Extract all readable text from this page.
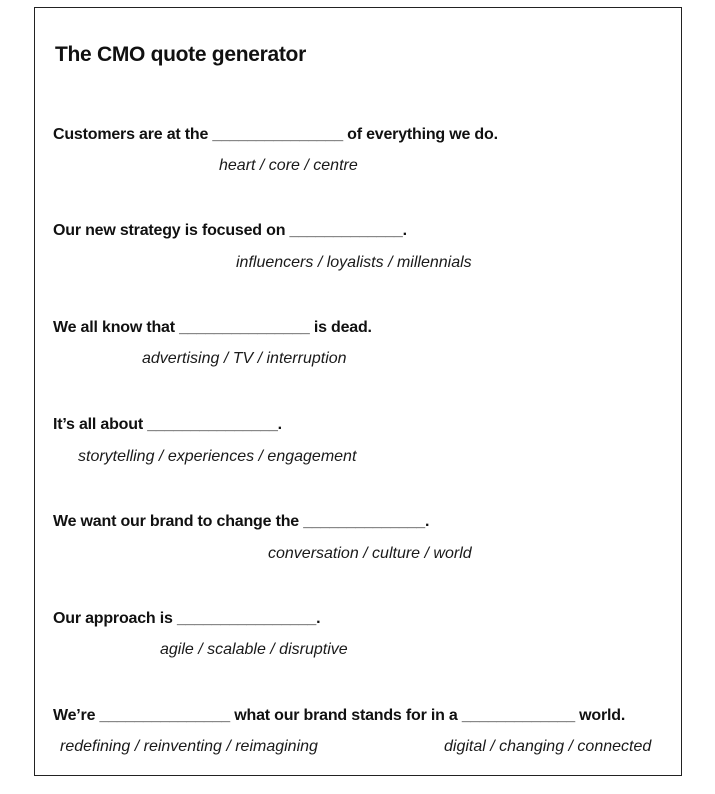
The CMO quote generator
Customers are at the _______________ of everything we do.
heart / core / centre
Our new strategy is focused on _____________.
influencers / loyalists / millennials
We all know that _______________ is dead.
advertising / TV / interruption
It’s all about _______________.
storytelling / experiences / engagement
We want our brand to change the ______________.
conversation / culture / world
Our approach is ________________.
agile / scalable / disruptive
We’re _______________ what our brand stands for in a _____________ world.
redefining / reinventing / reimagining	digital / changing / connected
